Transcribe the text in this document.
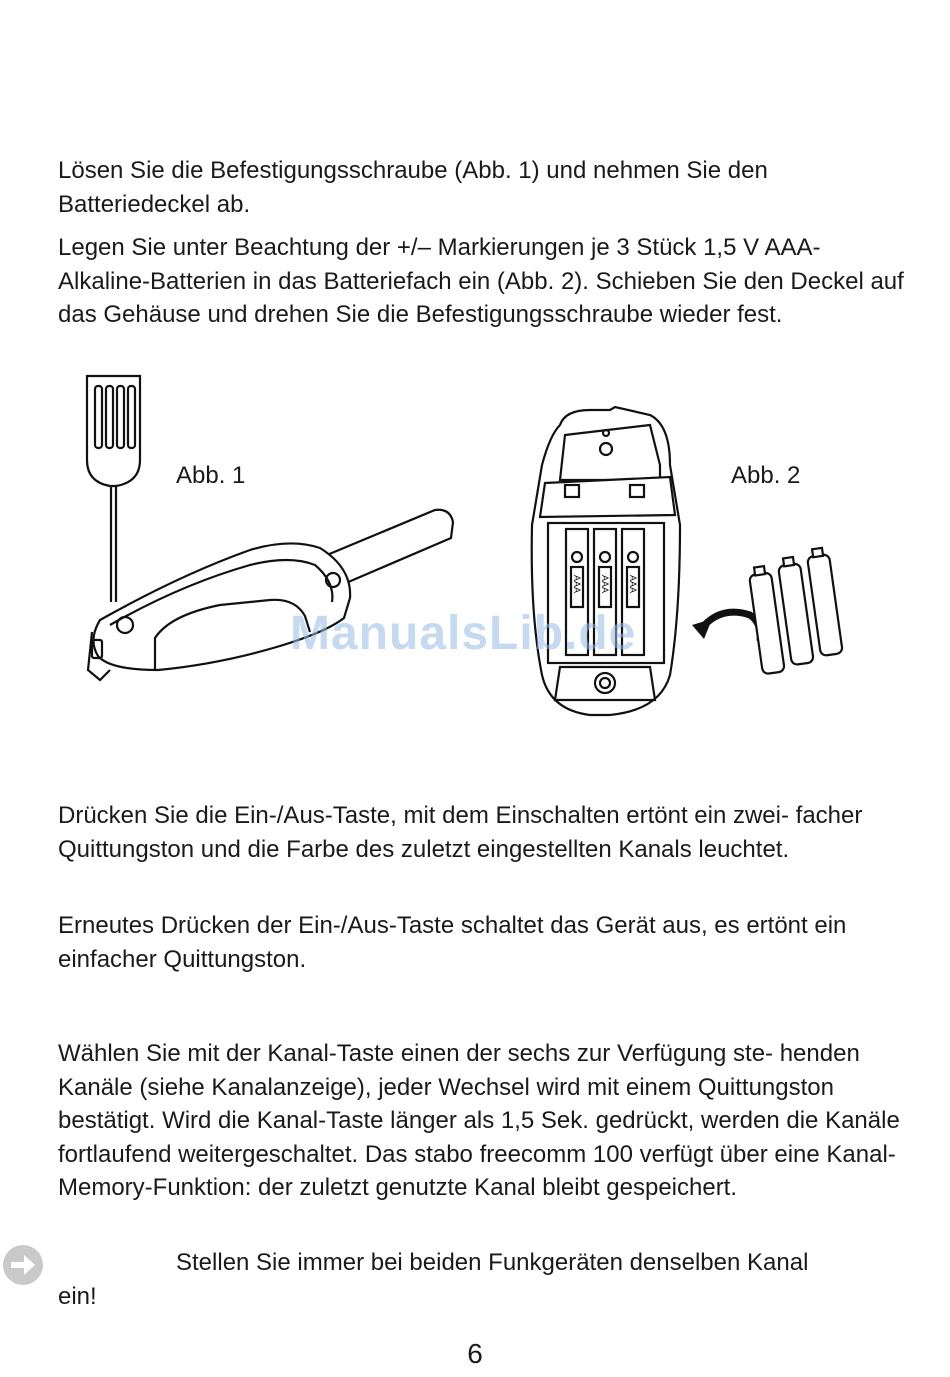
Lösen Sie die Befestigungsschraube (Abb. 1) und nehmen Sie den Batteriedeckel ab.

Legen Sie unter Beachtung der +/– Markierungen je 3 Stück 1,5 V AAA-Alkaline-Batterien in das Batteriefach ein (Abb. 2). Schieben Sie den Deckel auf das Gehäuse und drehen Sie die Befestigungsschraube wieder fest.

Abb. 1
AAA AAA AAA
Abb. 2
ManualsLib.de

Drücken Sie die Ein-/Aus-Taste, mit dem Einschalten ertönt ein zwei- facher Quittungston und die Farbe des zuletzt eingestellten Kanals leuchtet.

Erneutes Drücken der Ein-/Aus-Taste schaltet das Gerät aus, es ertönt ein einfacher Quittungston.

Wählen Sie mit der Kanal-Taste einen der sechs zur Verfügung ste- henden Kanäle (siehe Kanalanzeige), jeder Wechsel wird mit einem Quittungston bestätigt. Wird die Kanal-Taste länger als 1,5 Sek. gedrückt, werden die Kanäle fortlaufend weitergeschaltet. Das stabo freecomm 100 verfügt über eine Kanal-Memory-Funktion: der zuletzt genutzte Kanal bleibt gespeichert.

Stellen Sie immer bei beiden Funkgeräten denselben Kanal
ein!
6
